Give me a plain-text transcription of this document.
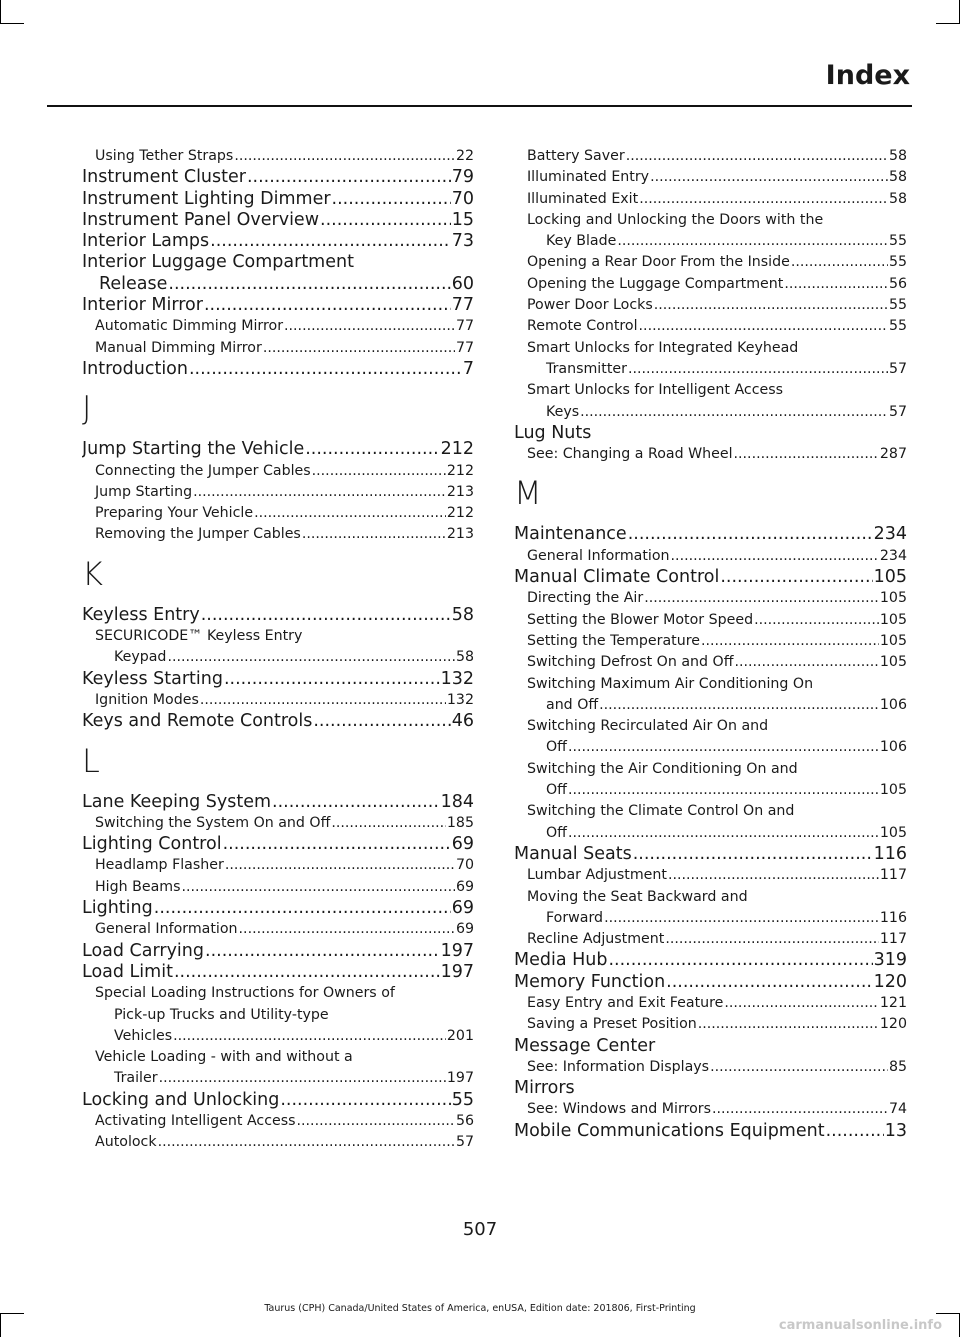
Index
Using Tether Straps .....	22
Instrument Cluster .....	79
Instrument Lighting Dimmer .....	70
Instrument Panel Overview .....	15
Interior Lamps .....	73
Interior Luggage Compartment
Release .....	60
Interior Mirror .....	77
Automatic Dimming Mirror .....	77
Manual Dimming Mirror .....	77
Introduction .....	7
J
Jump Starting the Vehicle .....	212
Connecting the Jumper Cables .....	212
Jump Starting .....	213
Preparing Your Vehicle .....	212
Removing the Jumper Cables .....	213
K
Keyless Entry .....	58
SECURICODE™ Keyless Entry
Keypad .....	58
Keyless Starting .....	132
Ignition Modes .....	132
Keys and Remote Controls .....	46
L
Lane Keeping System .....	184
Switching the System On and Off .....	185
Lighting Control .....	69
Headlamp Flasher .....	70
High Beams .....	69
Lighting .....	69
General Information .....	69
Load Carrying .....	197
Load Limit .....	197
Special Loading Instructions for Owners of
Pick-up Trucks and Utility-type
Vehicles .....	201
Vehicle Loading - with and without a
Trailer .....	197
Locking and Unlocking .....	55
Activating Intelligent Access .....	56
Autolock .....	57
Battery Saver .....	58
Illuminated Entry .....	58
Illuminated Exit .....	58
Locking and Unlocking the Doors with the
Key Blade .....	55
Opening a Rear Door From the Inside .....	55
Opening the Luggage Compartment .....	56
Power Door Locks .....	55
Remote Control .....	55
Smart Unlocks for Integrated Keyhead
Transmitter .....	57
Smart Unlocks for Intelligent Access
Keys .....	57
Lug Nuts
See: Changing a Road Wheel .....	287
M
Maintenance .....	234
General Information .....	234
Manual Climate Control .....	105
Directing the Air .....	105
Setting the Blower Motor Speed .....	105
Setting the Temperature .....	105
Switching Defrost On and Off .....	105
Switching Maximum Air Conditioning On
and Off .....	106
Switching Recirculated Air On and
Off .....	106
Switching the Air Conditioning On and
Off .....	105
Switching the Climate Control On and
Off .....	105
Manual Seats .....	116
Lumbar Adjustment .....	117
Moving the Seat Backward and
Forward .....	116
Recline Adjustment .....	117
Media Hub .....	319
Memory Function .....	120
Easy Entry and Exit Feature .....	121
Saving a Preset Position .....	120
Message Center
See: Information Displays .....	85
Mirrors
See: Windows and Mirrors .....	74
Mobile Communications Equipment .....	13
507
Taurus (CPH) Canada/United States of America, enUSA, Edition date: 201806, First-Printing
carmanualsonline.info
